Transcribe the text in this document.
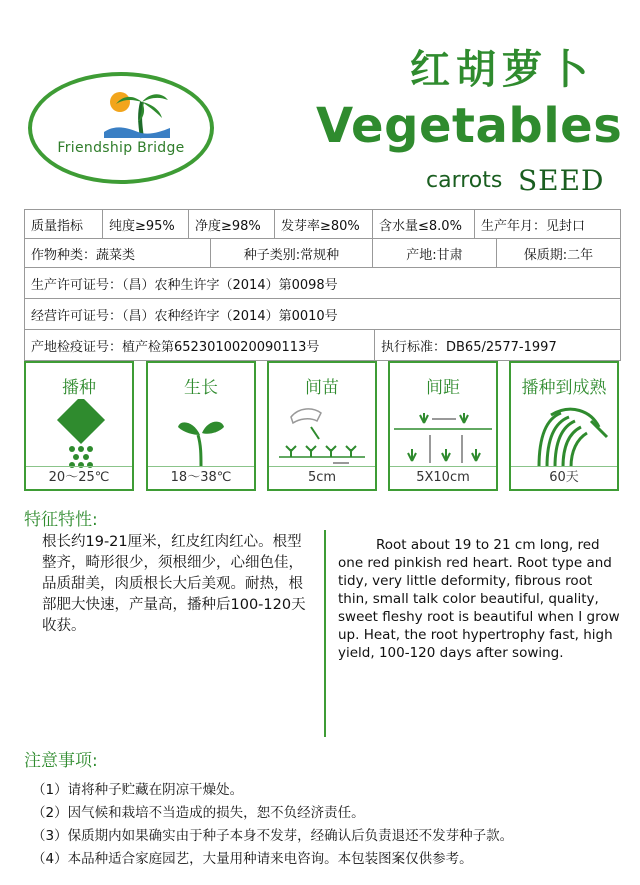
Friendship Bridge
红胡萝卜
Vegetables
carrots SEED
质量指标	纯度≥95%	净度≥98%	发芽率≥80%	含水量≤8.0%	生产年月：见封口
作物种类：蔬菜类	种子类别:常规种	产地:甘肃	保质期:二年
生产许可证号：（昌）农种生许字（2014）第0098号
经营许可证号：（昌）农种经许字（2014）第0010号
产地检疫证号：植产检第6523010020090113号	执行标准：DB65/2577-1997
播种
20～25℃
生长
18～38℃
间苗
5cm
间距
5X10cm
播种到成熟
60天
特征特性:
根长约19-21厘米，红皮红肉红心。根型整齐，畸形很少，须根细少，心细色佳，品质甜美，肉质根长大后美观。耐热，根部肥大快速，产量高，播种后100-120天收获。
Root about 19 to 21 cm long, red one red pinkish red heart. Root type and tidy, very little deformity, fibrous root thin, small talk color beautiful, quality, sweet fleshy root is beautiful when I grow up. Heat, the root hypertrophy fast, high yield, 100-120 days after sowing.
注意事项:
（1）请将种子贮藏在阴凉干燥处。
（2）因气候和栽培不当造成的损失，恕不负经济责任。
（3）保质期内如果确实由于种子本身不发芽，经确认后负责退还不发芽种子款。
（4）本品种适合家庭园艺，大量用种请来电咨询。本包装图案仅供参考。
